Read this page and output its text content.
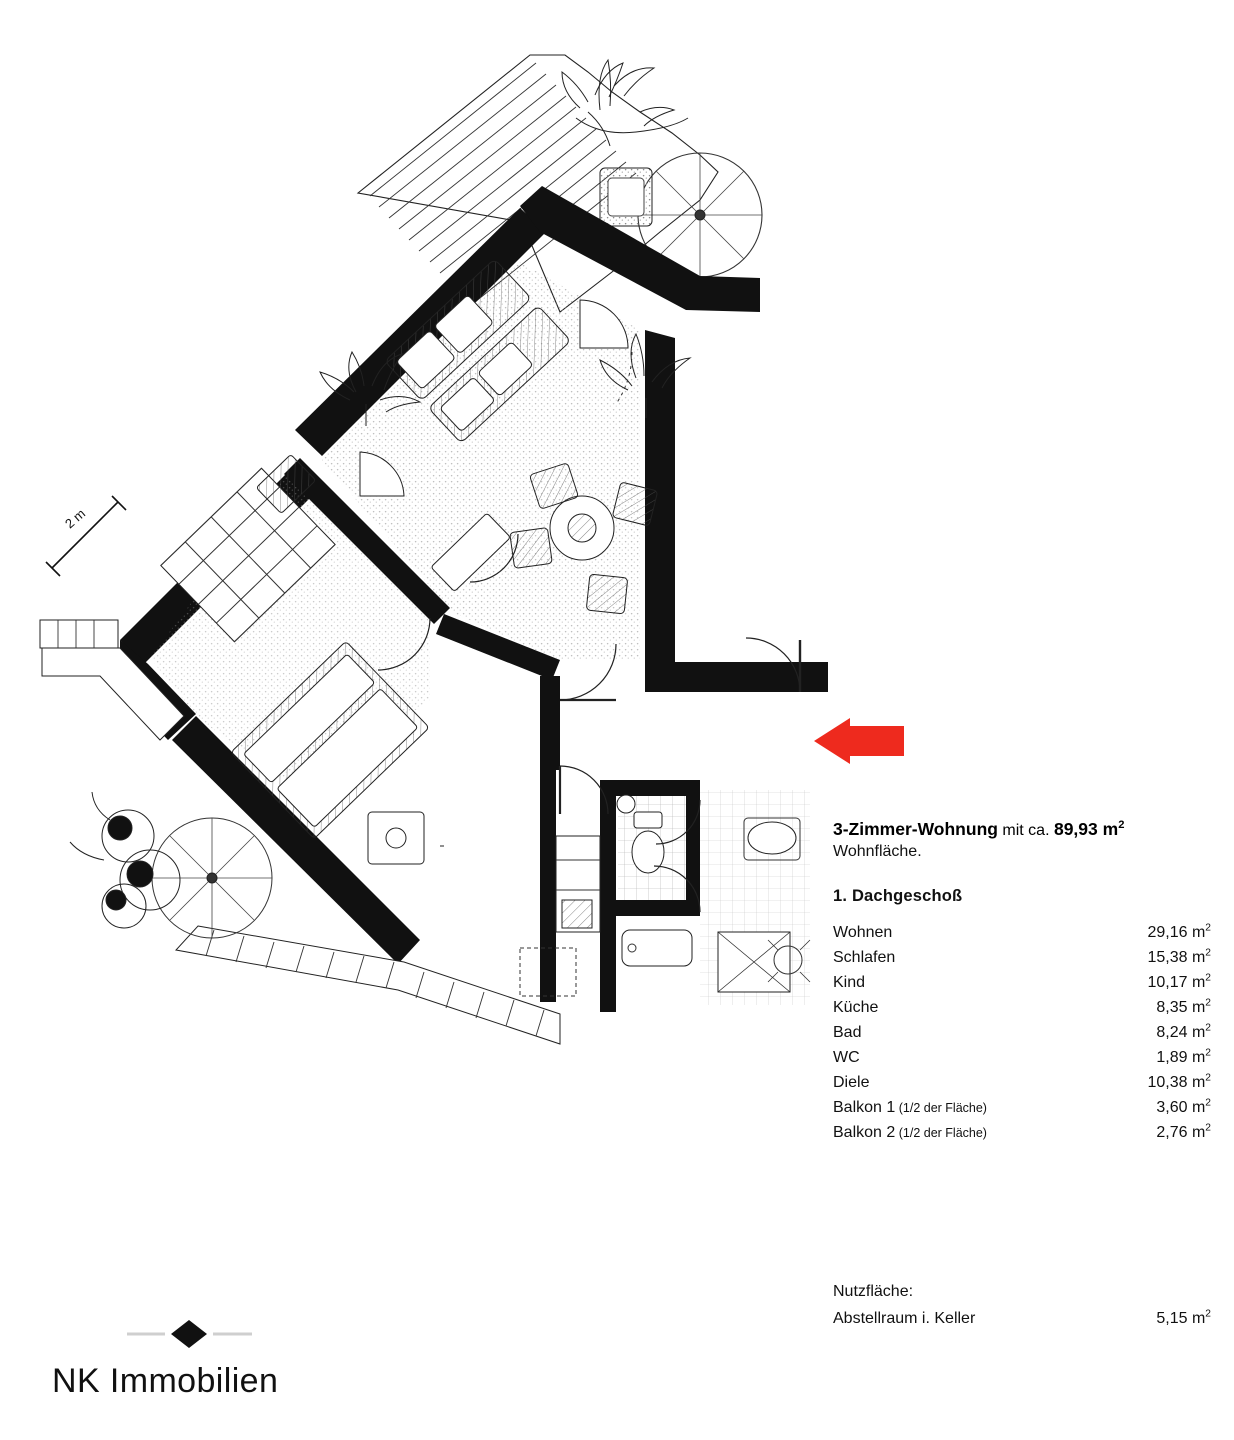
2 m
3-Zimmer-Wohnung mit ca. 89,93 $m^2$
Wohnfläche.
1. Dachgeschoß
Wohnen	29,16 $m^2$
Schlafen	15,38 $m^2$
Kind	10,17 $m^2$
Küche	8,35 $m^2$
Bad	8,24 $m^2$
WC	1,89 $m^2$
Diele	10,38 $m^2$
Balkon 1 (1/2 der Fläche)	3,60 $m^2$
Balkon 2 (1/2 der Fläche)	2,76 $m^2$
Nutzfläche:
Abstellraum i. Keller	5,15 $m^2$
NK Immobilien
